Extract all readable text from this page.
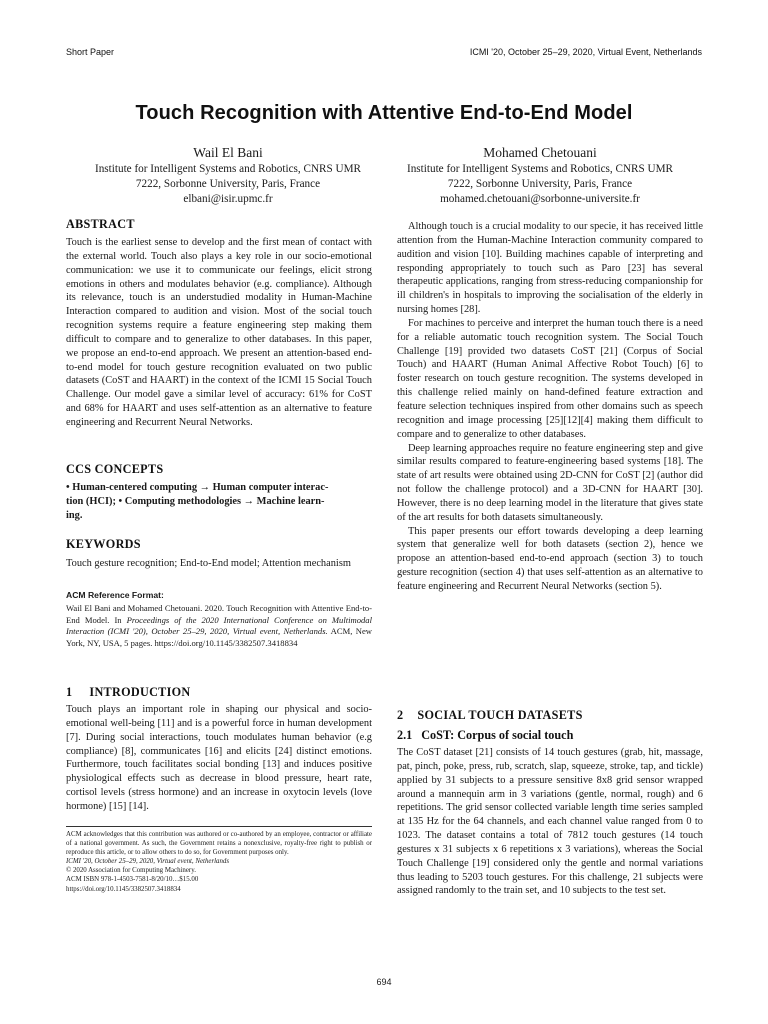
Short Paper	ICMI '20, October 25–29, 2020, Virtual Event, Netherlands
Touch Recognition with Attentive End-to-End Model
Wail El Bani
Institute for Intelligent Systems and Robotics, CNRS UMR
7222, Sorbonne University, Paris, France
elbani@isir.upmc.fr
Mohamed Chetouani
Institute for Intelligent Systems and Robotics, CNRS UMR
7222, Sorbonne University, Paris, France
mohamed.chetouani@sorbonne-universite.fr
ABSTRACT

Touch is the earliest sense to develop and the first mean of contact with the external world. Touch also plays a key role in our socio-emotional communication: we use it to communicate our feelings, elicit strong emotions in others and modulates behavior (e.g. compliance). Although its relevance, touch is an understudied modality in Human-Machine Interaction compared to audition and vision. Most of the social touch recognition systems require a feature engineering step making them difficult to compare and to generalize to other databases. In this paper, we propose an end-to-end approach. We present an attention-based end-to-end model for touch gesture recognition evaluated on two public datasets (CoST and HAART) in the context of the ICMI 15 Social Touch Challenge. Our model gave a similar level of accuracy: 61% for CoST and 68% for HAART and uses self-attention as an alternative to feature engineering and Recurrent Neural Networks.

CCS CONCEPTS
• Human-centered computing → Human computer interac-
tion (HCI); • Computing methodologies → Machine learn-
ing.
KEYWORDS

Touch gesture recognition; End-to-End model; Attention mechanism

ACM Reference Format:
Wail El Bani and Mohamed Chetouani. 2020. Touch Recognition with Attentive End-to-End Model. In Proceedings of the 2020 International Conference on Multimodal Interaction (ICMI '20), October 25–29, 2020, Virtual event, Netherlands. ACM, New York, NY, USA, 5 pages. https://doi.org/10.1145/3382507.3418834
1 INTRODUCTION

Touch plays an important role in shaping our physical and socio-emotional well-being [11] and is a powerful force in human development [7]. During social interactions, touch modulates human behavior (e.g compliance) [8], communicates [16] and elicits [24] distinct emotions. Furthermore, touch facilitates social bonding [13] and induces positive physiological effects such as decrease in blood pressure, heart rate, cortisol levels (stress hormone) and an increase in oxytocin levels (love hormone) [15] [14].

ACM acknowledges that this contribution was authored or co-authored by an employee, contractor or affiliate of a national government. As such, the Government retains a nonexclusive, royalty-free right to publish or reproduce this article, or to allow others to do so, for Government purposes only.
ICMI '20, October 25–29, 2020, Virtual event, Netherlands
© 2020 Association for Computing Machinery.
ACM ISBN 978-1-4503-7581-8/20/10…$15.00
https://doi.org/10.1145/3382507.3418834

Although touch is a crucial modality to our specie, it has received little attention from the Human-Machine Interaction community compared to audition and vision [10]. Building machines capable of interpreting and responding appropriately to touch such as Paro [23] has several therapeutic applications, ranging from stress-reducing companionship for ill children's in hospitals to improving the socialisation of the elderly in nursing homes [28].

For machines to perceive and interpret the human touch there is a need for a reliable automatic touch recognition system. The Social Touch Challenge [19] provided two datasets CoST [21] (Corpus of Social Touch) and HAART (Human Animal Affective Robot Touch) [6] to foster research on touch gesture recognition. The systems developed in this challenge relied mainly on hand-defined feature extraction and feature selection techniques inspired from other domains such as speech recognition and image processing [25][12][4] making them difficult to compare and to generalize to other databases.

Deep learning approaches require no feature engineering step and give similar results compared to feature-engineering based systems [18]. The state of art results were obtained using 2D-CNN for CoST [2] (author did not follow the challenge protocol) and a 3D-CNN for HAART [30]. However, there is no deep learning model in the literature that gives state of the art results for both datasets simultaneously.

This paper presents our effort towards developing a deep learning system that generalize well for both datasets (section 2), hence we propose an attention-based end-to-end approach (section 3) to touch gesture recognition (section 4) that uses self-attention as an alternative to feature engineering and Recurrent Neural Networks (section 5).

2 SOCIAL TOUCH DATASETS
2.1 CoST: Corpus of social touch

The CoST dataset [21] consists of 14 touch gestures (grab, hit, massage, pat, pinch, poke, press, rub, scratch, slap, squeeze, stroke, tap, and tickle) applied by 31 subjects to a pressure sensitive 8x8 grid sensor wrapped around a mannequin arm in 3 variations (gentle, normal, rough) and 6 repetitions. The grid sensor collected variable length time series sampled at 135 Hz for the 64 channels, and each channel value ranged from 0 to 1023. The dataset contains a total of 7812 touch gestures (14 touch gestures x 31 subjects x 6 repetitions x 3 variations), whereas the Social Touch Challenge [19] considered only the gentle and normal variations thus leading to 5203 touch gestures. For this challenge, 21 subjects were assigned randomly to the train set, and 10 subjects to the test set.

694
